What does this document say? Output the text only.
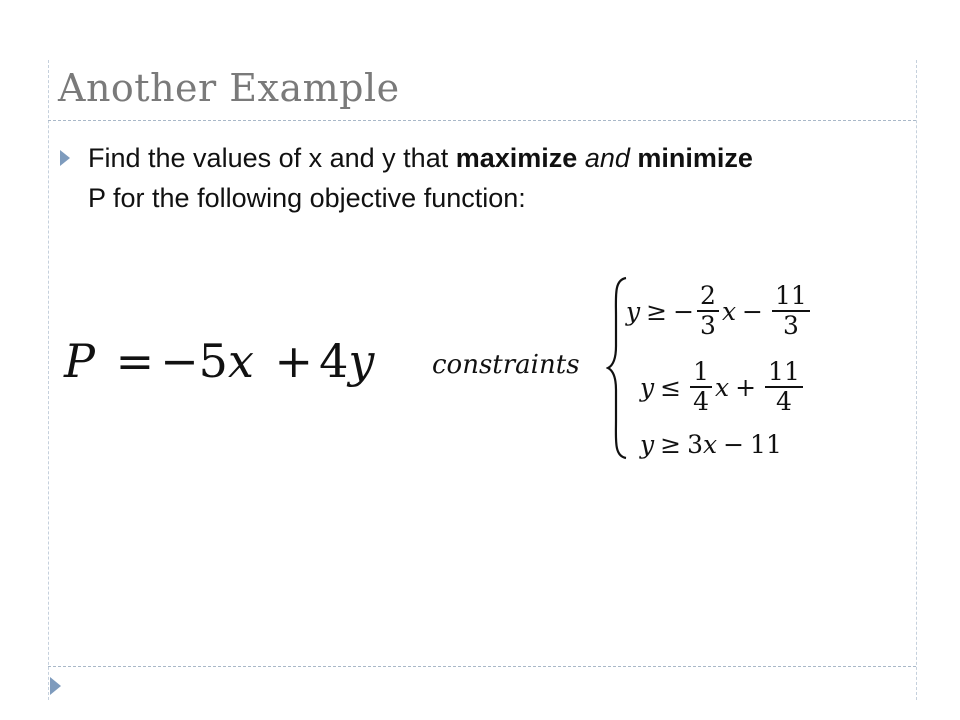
Another Example
Find the values of x and y that maximize and minimize
P for the following objective function:
P = −5x + 4y constraints
y ≥ − $\frac{2}{3}$ $x - \frac{11}{3}$
$y \le \frac{1}{4}$ $x + \frac{11}{4}$
y ≥ 3 x − 11
